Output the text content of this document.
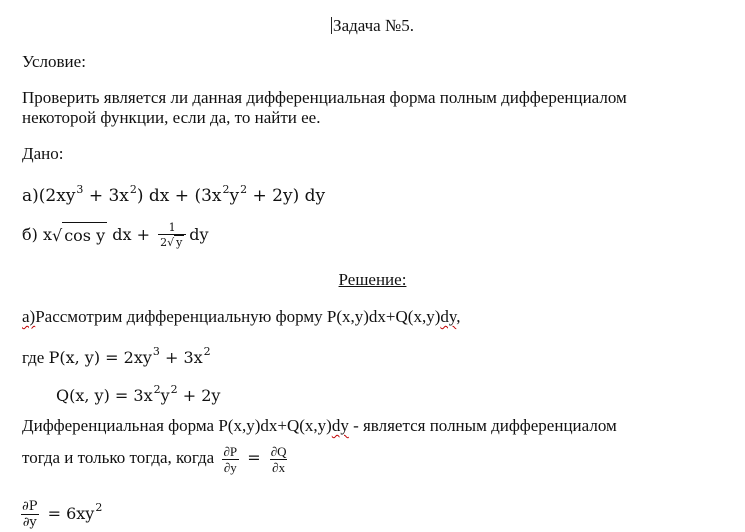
Задача №5.
Условие:
Проверить является ли данная дифференциальная форма полным дифференциалом
некоторой функции, если да, то найти ее.
Дано:
$а)(2xy^3 + 3x^2)$ dx + $(3x^2y^2 + 2y)$ dy
б) x√ cos y dx + $\frac{1}{2√ y}$ dy
Решение:
а)Рассмотрим дифференциальную форму P(x,y)dx+Q(x,y)dy,
где P(x, $y) = 2xy^3 + 3x^2$
Q(x, $y) = 3x^2y^2 + 2y$
Дифференциальная форма P(x,y)dx+Q(x,y)dy - является полным дифференциалом
тогда и только тогда, когда $\frac{\partial P}{\partial y} = \frac{\partial Q}{\partial x}$
$\frac{\partial P}{\partial y} = 6xy^2$
